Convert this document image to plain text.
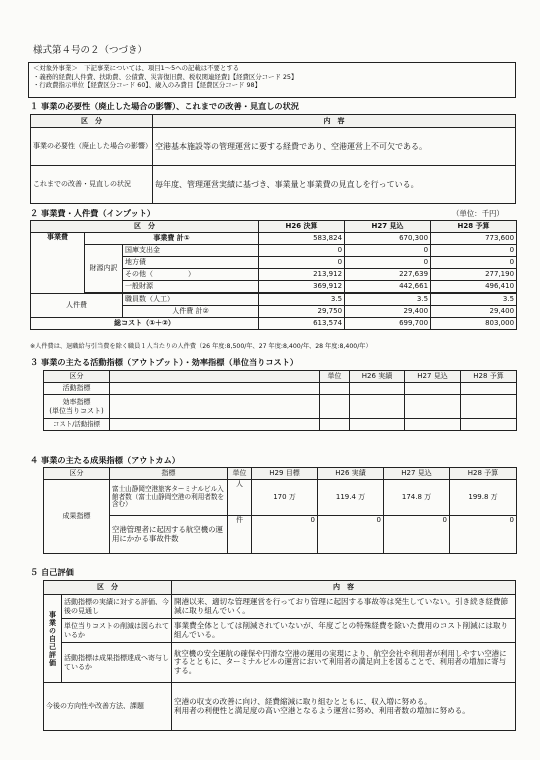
様式第４号の２（つづき）
＜対象外事業＞　下記事業については、項目1～5への記載は不要とする
・義務的経費[人件費、扶助費、公債費、災害復旧費、税収関連経費]【経費区分コード 25】
・行政費指示単位【経費区分コード 60】、歳入のみ費目【経費区分コード 98】
１ 事業の必要性（廃止した場合の影響）、これまでの改善・見直しの状況
区　分	内　容
事業の必要性（廃止した場合の影響）	空港基本施設等の管理運営に要する経費であり、空港運営上不可欠である。
これまでの改善・見直しの状況	毎年度、管理運営実績に基づき、事業量と事業費の見直しを行っている。
２ 事業費・人件費（インプット）	（単位：千円）
区　分			H26 決算	H27 見込	H28 予算
事業費	事業費 計①		583,824	670,300	773,600
	財源内訳	国庫支出金	0	0	0
		地方債	0	0	0
		その他（　　　　　）	213,912	227,639	277,190
		一般財源	369,912	442,661	496,410

人件費		職員数（人工）	3.5	3.5	3.5
		人件費 計②	29,750	29,400	29,400
総コスト（①＋②）			613,574	699,700	803,000
※人件費は、退職給与引当費を除く職員１人当たりの人件費（26 年度:8,500/年、27 年度:8,400/年、28 年度:8,400/年）
３ 事業の主たる活動指標（アウトプット）・効率指標（単位当りコスト）
区分		単位	H26 実績	H27 見込	H28 予算
活動指標					

効率指標
(単位当りコスト)					

コスト/活動指標					
４ 事業の主たる成果指標（アウトカム）
区分	指標	単位	H29 目標	H26 実績	H27 見込	H28 予算
成果指標	富士山静岡空港旅客ターミナルビル入館者数（富士山静岡空港の利用者数を含む）	人	170 万	119.4 万	174.8 万	199.8 万
	空港管理者に起因する航空機の運用にかかる事故件数	件	0	0	0	0
５ 自己評価
区　分		内　容
事業の自己評価	活動指標の実績に対する評価、今後の見通し	開港以来、適切な管理運営を行っており管理に起因する事故等は発生していない。引き続き経費節減に取り組んでいく。
	単位当りコストの削減は図られているか	事業費全体としては削減されていないが、年度ごとの特殊経費を除いた費用のコスト削減には取り組んでいる。
	活動指標は成果指標達成へ寄与しているか	航空機の安全運航の確保や円滑な空港の運用の実現により、航空会社や利用者が利用しやすい空港にするとともに、ターミナルビルの運営において利用者の満足向上を図ることで、利用者の増加に寄与する。
今後の方向性や改善方法、課題		空港の収支の改善に向け、経費縮減に取り組むとともに、収入増に努める。
利用者の利便性と満足度の高い空港となるよう運営に努め、利用者数の増加に努める。
